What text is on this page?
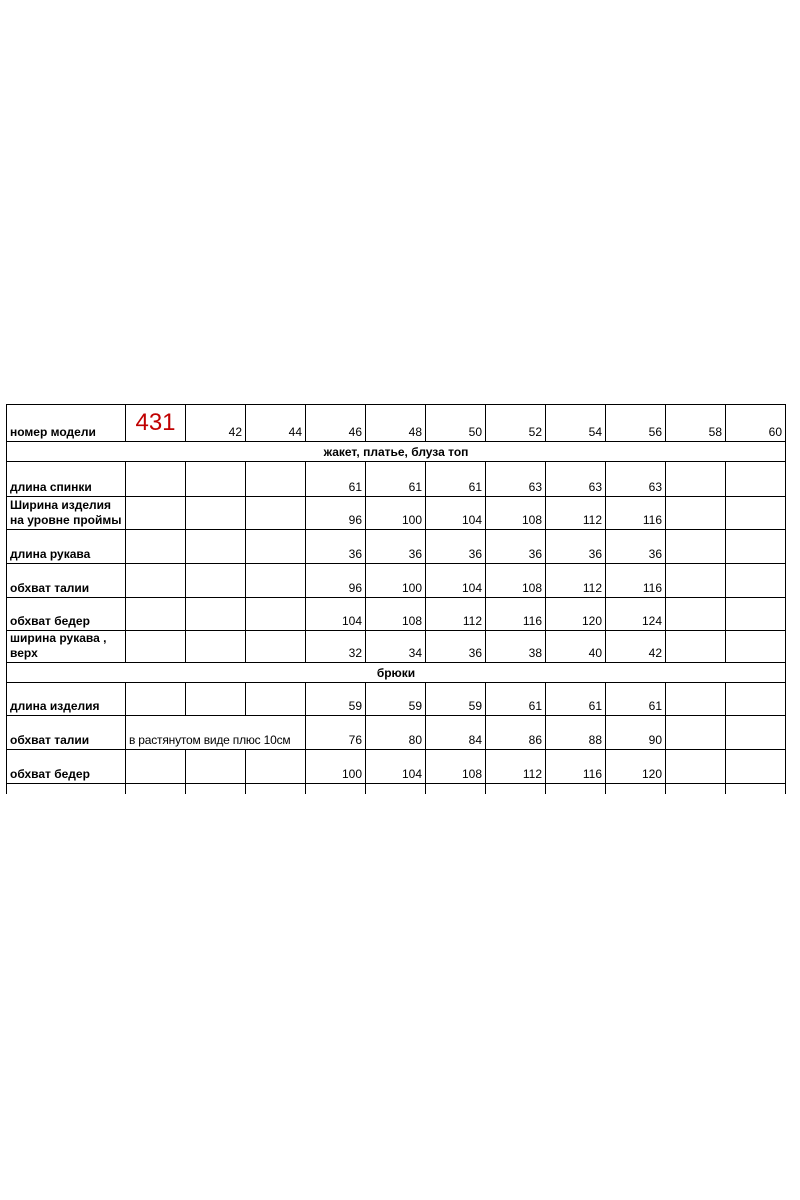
номер модели	431	42	44	46	48	50	52	54	56	58	60
жакет, платье, блуза топ											
длина спинки				61	61	61	63	63	63		
Ширина изделия на уровне проймы				96	100	104	108	112	116		
длина рукава				36	36	36	36	36	36		
обхват талии				96	100	104	108	112	116		
обхват бедер				104	108	112	116	120	124		
ширина рукава , верх				32	34	36	38	40	42		
брюки											
длина изделия				59	59	59	61	61	61		
обхват талии	в растянутом виде плюс 10см			76	80	84	86	88	90		
обхват бедер				100	104	108	112	116	120		
